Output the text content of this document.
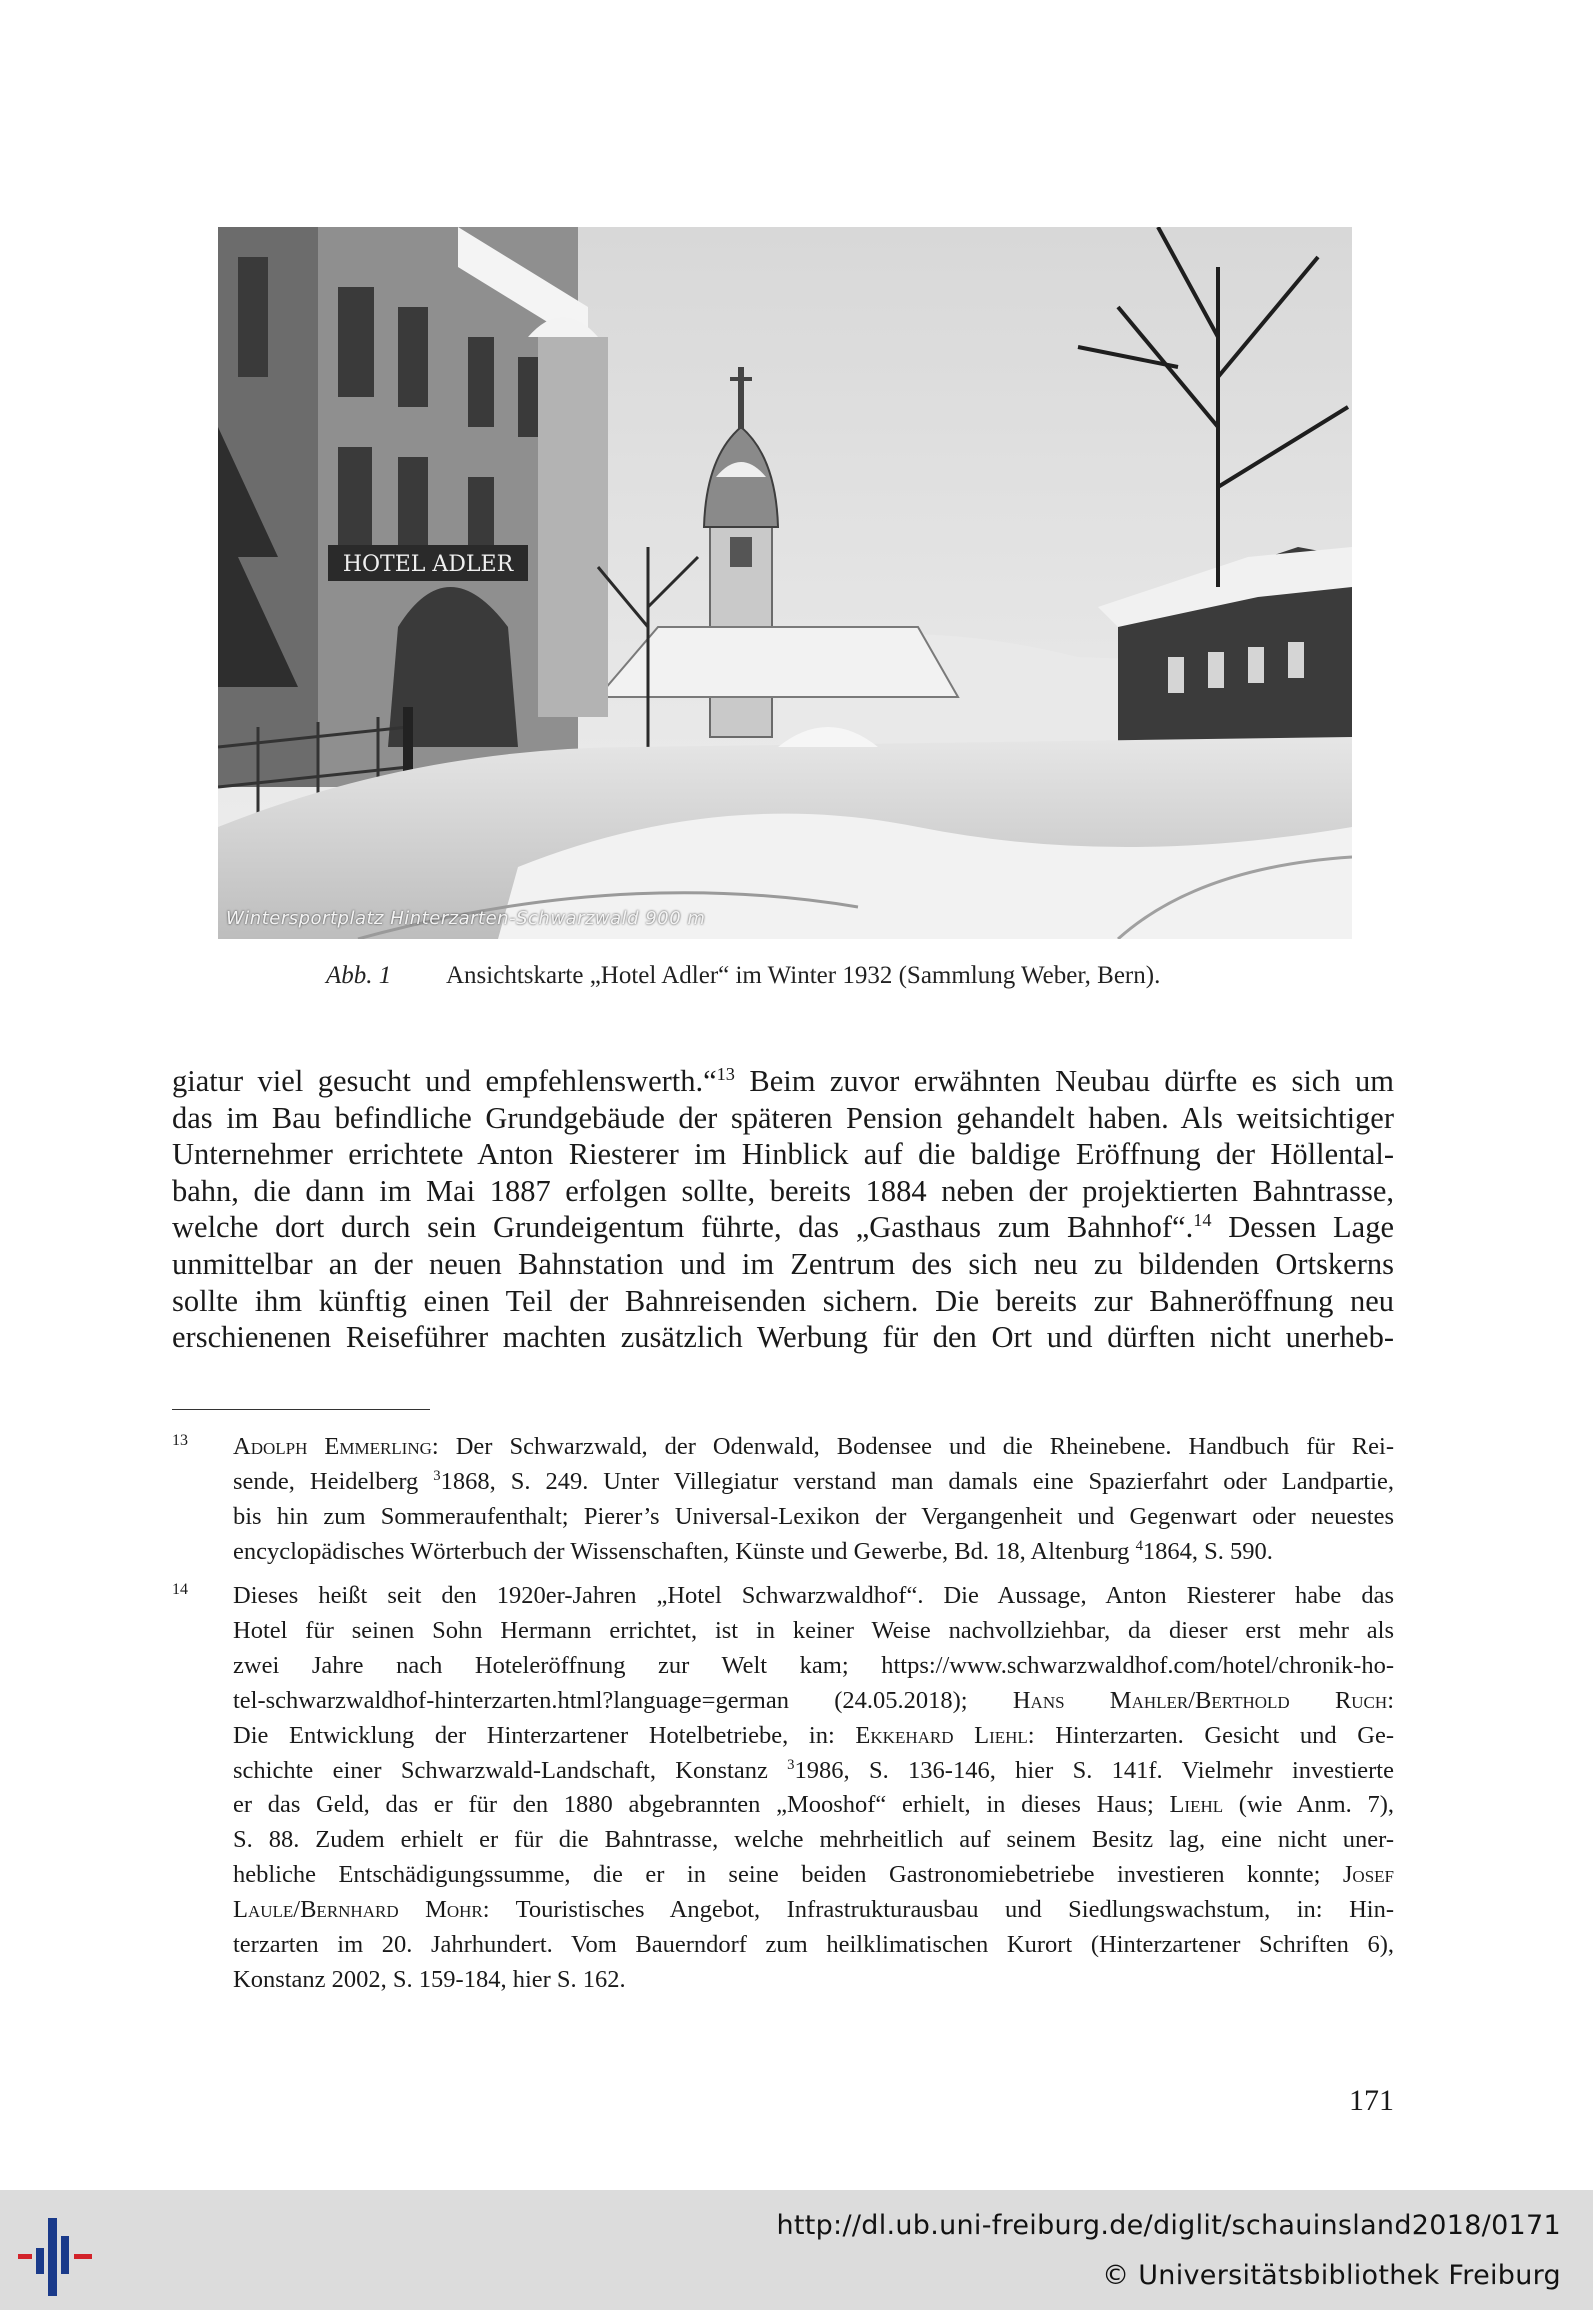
HOTEL ADLER
Wintersportplatz Hinterzarten-Schwarzwald 900 m
Abb. 1 Ansichtskarte „Hotel Adler“ im Winter 1932 (Sammlung Weber, Bern).
giatur viel gesucht und empfehlenswerth.“$^{13}$ Beim zuvor erwähnten Neubau dürfte es sich um
das im Bau befindliche Grundgebäude der späteren Pension gehandelt haben. Als weitsichtiger
Unternehmer errichtete Anton Riesterer im Hinblick auf die baldige Eröffnung der Höllental-
bahn, die dann im Mai 1887 erfolgen sollte, bereits 1884 neben der projektierten Bahntrasse,
welche dort durch sein Grundeigentum führte, das „Gasthaus zum Bahnhof“.$^{14}$ Dessen Lage
unmittelbar an der neuen Bahnstation und im Zentrum des sich neu zu bildenden Ortskerns
sollte ihm künftig einen Teil der Bahnreisenden sichern. Die bereits zur Bahneröffnung neu
erschienenen Reiseführer machten zusätzlich Werbung für den Ort und dürften nicht unerheb-
13 Adolph Emmerling: Der Schwarzwald, der Odenwald, Bodensee und die Rheinebene. Handbuch für Rei-
sende, Heidelberg $^3$1868, S. 249. Unter Villegiatur verstand man damals eine Spazierfahrt oder Landpartie,
bis hin zum Sommeraufenthalt; Pierer’s Universal-Lexikon der Vergangenheit und Gegenwart oder neuestes
encyclopädisches Wörterbuch der Wissenschaften, Künste und Gewerbe, Bd. 18, Altenburg $^4$1864, S. 590.
14 Dieses heißt seit den 1920er-Jahren „Hotel Schwarzwaldhof“. Die Aussage, Anton Riesterer habe das
Hotel für seinen Sohn Hermann errichtet, ist in keiner Weise nachvollziehbar, da dieser erst mehr als
zwei Jahre nach Hoteleröffnung zur Welt kam; https://www.schwarzwaldhof.com/hotel/chronik-ho-
tel-schwarzwaldhof-hinterzarten.html?language=german (24.05.2018); Hans Mahler/Berthold Ruch:
Die Entwicklung der Hinterzartener Hotelbetriebe, in: Ekkehard Liehl: Hinterzarten. Gesicht und Ge-
schichte einer Schwarzwald-Landschaft, Konstanz $^3$1986, S. 136-146, hier S. 141f. Vielmehr investierte
er das Geld, das er für den 1880 abgebrannten „Mooshof“ erhielt, in dieses Haus; Liehl (wie Anm. 7),
S. 88. Zudem erhielt er für die Bahntrasse, welche mehrheitlich auf seinem Besitz lag, eine nicht uner-
hebliche Entschädigungssumme, die er in seine beiden Gastronomiebetriebe investieren konnte; Josef
Laule/Bernhard Mohr: Touristisches Angebot, Infrastrukturausbau und Siedlungswachstum, in: Hin-
terzarten im 20. Jahrhundert. Vom Bauerndorf zum heilklimatischen Kurort (Hinterzartener Schriften 6),
Konstanz 2002, S. 159-184, hier S. 162.
171
http://dl.ub.uni-freiburg.de/diglit/schauinsland2018/0171
© Universitätsbibliothek Freiburg
